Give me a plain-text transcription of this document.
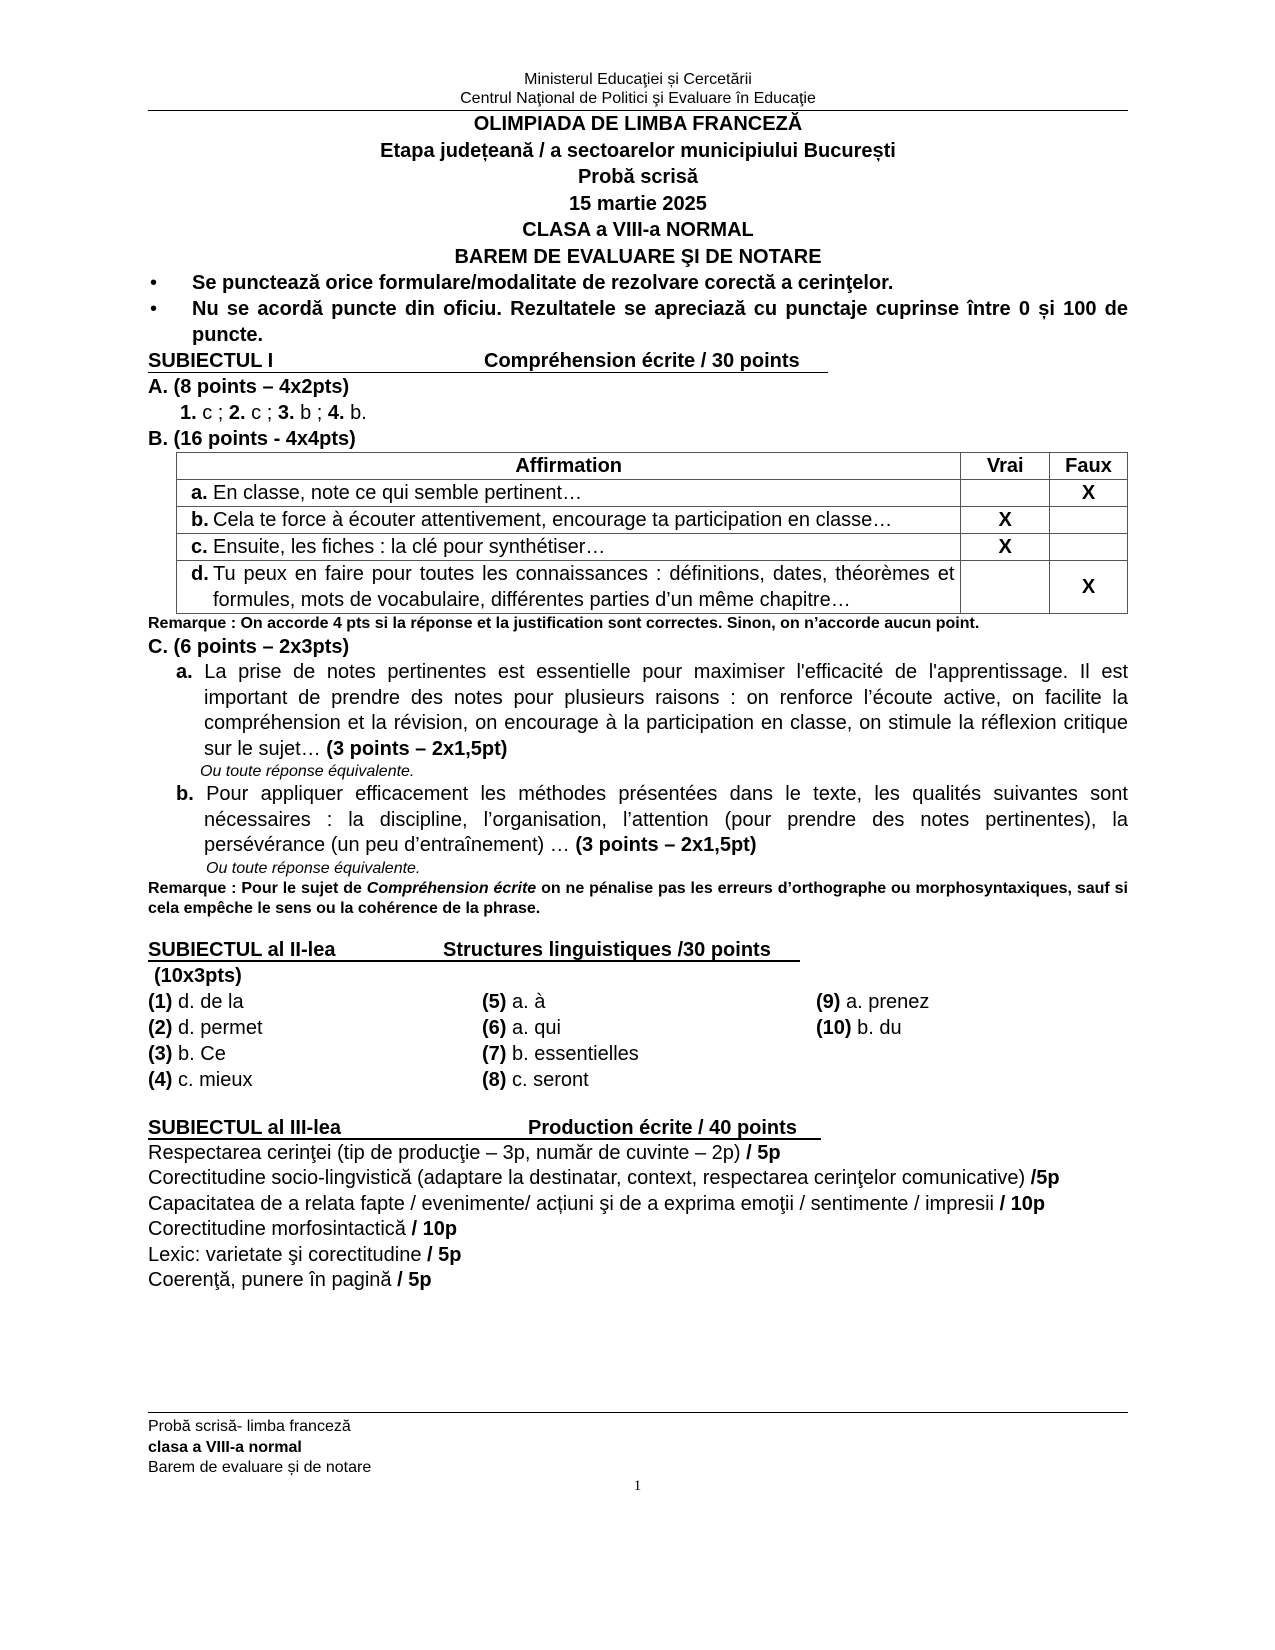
Ministerul Educaţiei și Cercetării
Centrul Naţional de Politici şi Evaluare în Educaţie
OLIMPIADA DE LIMBA FRANCEZĂ
Etapa județeană / a sectoarelor municipiului București
Probă scrisă
15 martie 2025
CLASA a VIII-a NORMAL
BAREM DE EVALUARE ŞI DE NOTARE
• Se punctează orice formulare/modalitate de rezolvare corectă a cerinţelor.
• Nu se acordă puncte din oficiu. Rezultatele se apreciază cu punctaje cuprinse între 0 și 100 de puncte.
SUBIECTUL I	Compréhension écrite / 30 points
A. (8 points – 4x2pts)
1. c ; 2. c ; 3. b ; 4. b.
B. (16 points - 4x4pts)
Affirmation	Vrai	Faux
a. En classe, note ce qui semble pertinent…		X
b. Cela te force à écouter attentivement, encourage ta participation en classe…	X	
c. Ensuite, les fiches : la clé pour synthétiser…	X	
d. Tu peux en faire pour toutes les connaissances : définitions, dates, théorèmes et formules, mots de vocabulaire, différentes parties d’un même chapitre…		X
Remarque : On accorde 4 pts si la réponse et la justification sont correctes. Sinon, on n’accorde aucun point.
C. (6 points – 2x3pts)
a. La prise de notes pertinentes est essentielle pour maximiser l'efficacité de l'apprentissage. Il est important de prendre des notes pour plusieurs raisons : on renforce l’écoute active, on facilite la compréhension et la révision, on encourage à la participation en classe, on stimule la réflexion critique sur le sujet… (3 points – 2x1,5pt)
Ou toute réponse équivalente.
b. Pour appliquer efficacement les méthodes présentées dans le texte, les qualités suivantes sont nécessaires : la discipline, l’organisation, l’attention (pour prendre des notes pertinentes), la persévérance (un peu d’entraînement) … (3 points – 2x1,5pt)
Ou toute réponse équivalente.
Remarque : Pour le sujet de Compréhension écrite on ne pénalise pas les erreurs d’orthographe ou morphosyntaxiques, sauf si cela empêche le sens ou la cohérence de la phrase.
SUBIECTUL al II-lea	Structures linguistiques /30 points
(10x3pts)
(1) d. de la
(2) d. permet
(3) b. Ce
(4) c. mieux
(5) a. à
(6) a. qui
(7) b. essentielles
(8) c. seront
(9) a. prenez
(10) b. du
SUBIECTUL al III-lea	Production écrite / 40 points
Respectarea cerinţei (tip de producţie – 3p, număr de cuvinte – 2p) / 5p
Corectitudine socio-lingvistică (adaptare la destinatar, context, respectarea cerinţelor comunicative) /5p
Capacitatea de a relata fapte / evenimente/ acțiuni şi de a exprima emoţii / sentimente / impresii / 10p
Corectitudine morfosintactică / 10p
Lexic: varietate şi corectitudine / 5p
Coerenţă, punere în pagină / 5p
Probă scrisă- limba franceză
clasa a VIII-a normal
Barem de evaluare și de notare
1
